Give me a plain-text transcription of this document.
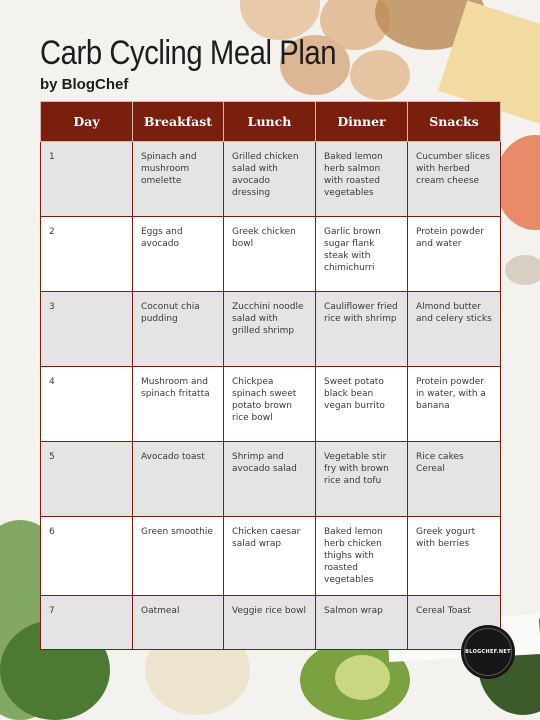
Carb Cycling Meal Plan

by BlogChef

Day	Breakfast	Lunch	Dinner	Snacks
1	Spinach and mushroom omelette	Grilled chicken salad with avocado dressing	Baked lemon herb salmon with roasted vegetables	Cucumber slices with herbed cream cheese
2	Eggs and avocado	Greek chicken bowl	Garlic brown sugar flank steak with chimichurri	Protein powder and water
3	Coconut chia pudding	Zucchini noodle salad with grilled shrimp	Cauliflower fried rice with shrimp	Almond butter and celery sticks
4	Mushroom and spinach fritatta	Chickpea spinach sweet potato brown rice bowl	Sweet potato black bean vegan burrito	Protein powder in water, with a banana
5	Avocado toast	Shrimp and avocado salad	Vegetable stir fry with brown rice and tofu	Rice cakes Cereal
6	Green smoothie	Chicken caesar salad wrap	Baked lemon herb chicken thighs with roasted vegetables	Greek yogurt with berries
7	Oatmeal	Veggie rice bowl	Salmon wrap	Cereal Toast
BLOGCHEF.NET
